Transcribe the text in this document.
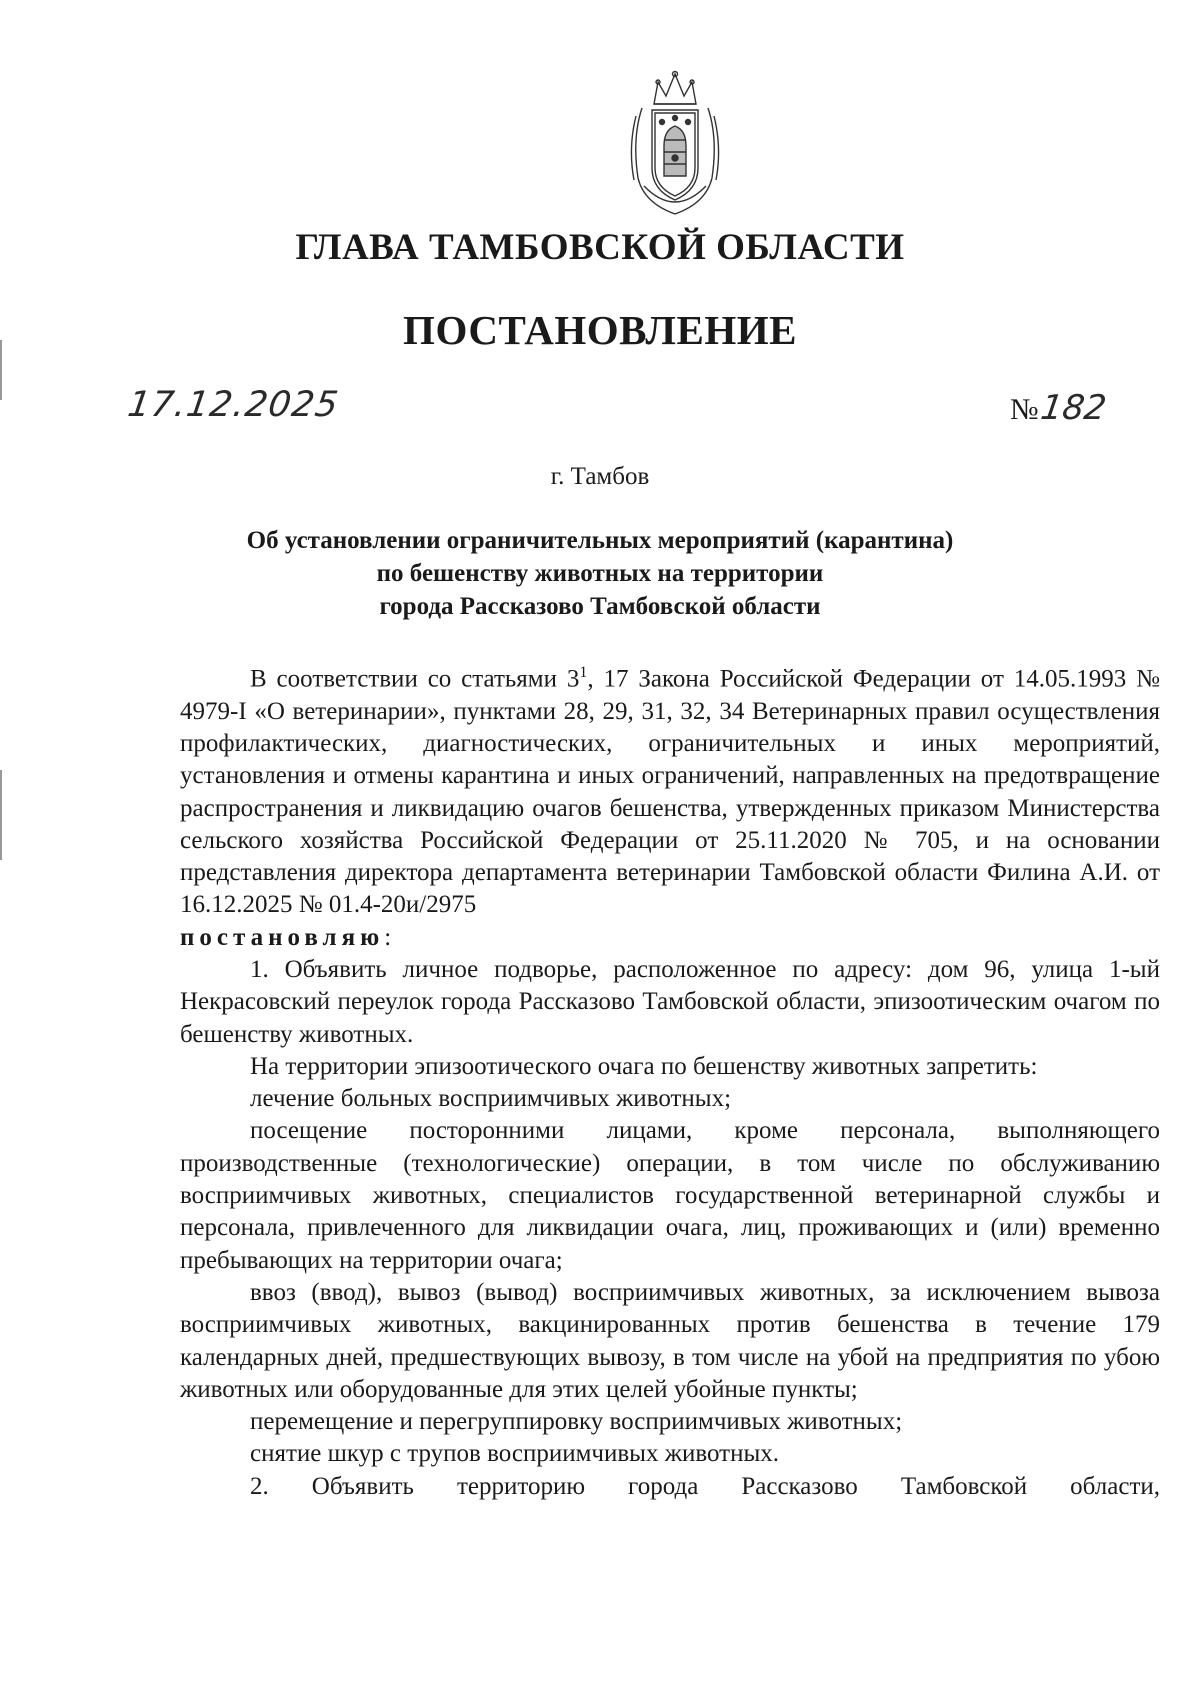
ГЛАВА ТАМБОВСКОЙ ОБЛАСТИ
ПОСТАНОВЛЕНИЕ
17.12.2025	№182
г. Тамбов
Об установлении ограничительных мероприятий (карантина)
по бешенству животных на территории
города Рассказово Тамбовской области

В соответствии со статьями $3^1$, 17 Закона Российской Федерации от 14.05.1993 № 4979-I «О ветеринарии», пунктами 28, 29, 31, 32, 34 Ветеринарных правил осуществления профилактических, диагностических, ограничительных и иных мероприятий, установления и отмены карантина и иных ограничений, направленных на предотвращение распространения и ликвидацию очагов бешенства, утвержденных приказом Министерства сельского хозяйства Российской Федерации от 25.11.2020 № 705, и на основании представления директора департамента ветеринарии Тамбовской области Филина А.И. от 16.12.2025 № 01.4-20и/2975

постановляю:

1. Объявить личное подворье, расположенное по адресу: дом 96, улица 1-ый Некрасовский переулок города Рассказово Тамбовской области, эпизоотическим очагом по бешенству животных.

На территории эпизоотического очага по бешенству животных запретить:

лечение больных восприимчивых животных;

посещение посторонними лицами, кроме персонала, выполняющего производственные (технологические) операции, в том числе по обслуживанию восприимчивых животных, специалистов государственной ветеринарной службы и персонала, привлеченного для ликвидации очага, лиц, проживающих и (или) временно пребывающих на территории очага;

ввоз (ввод), вывоз (вывод) восприимчивых животных, за исключением вывоза восприимчивых животных, вакцинированных против бешенства в течение 179 календарных дней, предшествующих вывозу, в том числе на убой на предприятия по убою животных или оборудованные для этих целей убойные пункты;

перемещение и перегруппировку восприимчивых животных;

снятие шкур с трупов восприимчивых животных.

2. Объявить территорию города Рассказово Тамбовской области,
